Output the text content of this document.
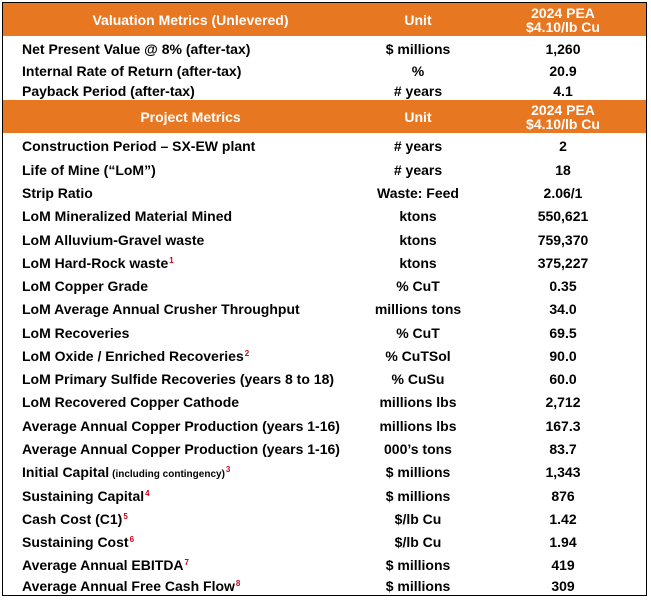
Valuation Metrics (Unlevered)	Unit	2024 PEA
$4.10/lb Cu
Net Present Value @ 8% (after-tax)	$ millions	1,260
Internal Rate of Return (after-tax)	%	20.9
Payback Period (after-tax)	# years	4.1
Project Metrics	Unit	2024 PEA
$4.10/lb Cu
Construction Period – SX-EW plant	# years	2
Life of Mine (“LoM”)	# years	18
Strip Ratio	Waste: Feed	2.06/1
LoM Mineralized Material Mined	ktons	550,621
LoM Alluvium-Gravel waste	ktons	759,370
LoM Hard-Rock waste$^1$	ktons	375,227
LoM Copper Grade	% CuT	0.35
LoM Average Annual Crusher Throughput	millions tons	34.0
LoM Recoveries	% CuT	69.5
LoM Oxide / Enriched Recoveries$^2$	% CuTSol	90.0
LoM Primary Sulfide Recoveries (years 8 to 18)	% CuSu	60.0
LoM Recovered Copper Cathode	millions lbs	2,712
Average Annual Copper Production (years 1-16)	millions lbs	167.3
Average Annual Copper Production (years 1-16)	000’s tons	83.7
Initial Capital (including contingency)$^3$	$ millions	1,343
Sustaining Capital$^4$	$ millions	876
Cash Cost $(C1)^5$	$/lb Cu	1.42
Sustaining Cost$^6$	$/lb Cu	1.94
Average Annual EBITDA$^7$	$ millions	419
Average Annual Free Cash Flow$^8$	$ millions	309
